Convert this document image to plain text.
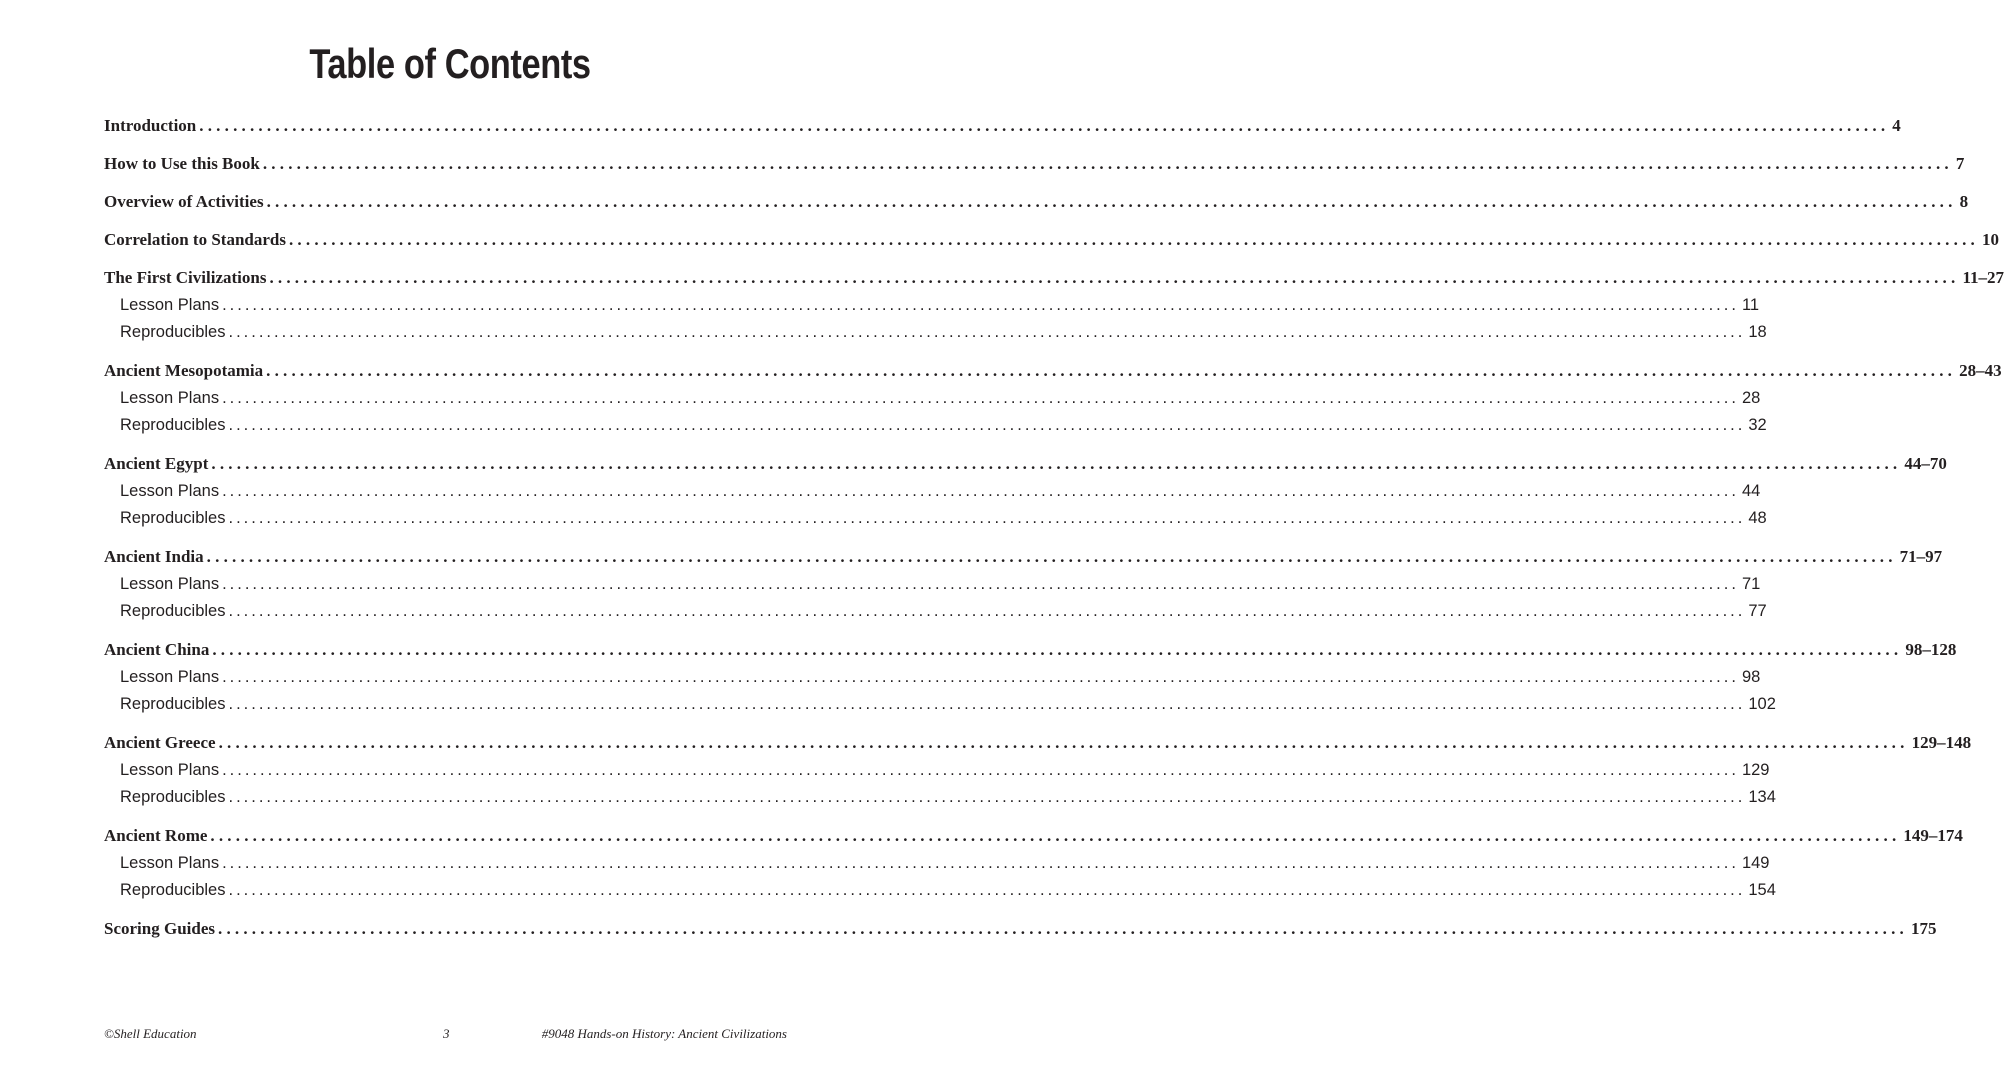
Table of Contents
Introduction ........................................................................................................................................................................................................ 4
How to Use this Book ........................................................................................................................................................................................................ 7
Overview of Activities ........................................................................................................................................................................................................ 8
Correlation to Standards ........................................................................................................................................................................................................ 10
The First Civilizations ........................................................................................................................................................................................................ 11–27
Lesson Plans ........................................................................................................................................................................................................ 11
Reproducibles ........................................................................................................................................................................................................ 18
Ancient Mesopotamia ........................................................................................................................................................................................................ 28–43
Lesson Plans ........................................................................................................................................................................................................ 28
Reproducibles ........................................................................................................................................................................................................ 32
Ancient Egypt ........................................................................................................................................................................................................ 44–70
Lesson Plans ........................................................................................................................................................................................................ 44
Reproducibles ........................................................................................................................................................................................................ 48
Ancient India ........................................................................................................................................................................................................ 71–97
Lesson Plans ........................................................................................................................................................................................................ 71
Reproducibles ........................................................................................................................................................................................................ 77
Ancient China ........................................................................................................................................................................................................ 98–128
Lesson Plans ........................................................................................................................................................................................................ 98
Reproducibles ........................................................................................................................................................................................................ 102
Ancient Greece ........................................................................................................................................................................................................ 129–148
Lesson Plans ........................................................................................................................................................................................................ 129
Reproducibles ........................................................................................................................................................................................................ 134
Ancient Rome ........................................................................................................................................................................................................ 149–174
Lesson Plans ........................................................................................................................................................................................................ 149
Reproducibles ........................................................................................................................................................................................................ 154
Scoring Guides ........................................................................................................................................................................................................ 175
©Shell Education	3	#9048 Hands-on History: Ancient Civilizations
